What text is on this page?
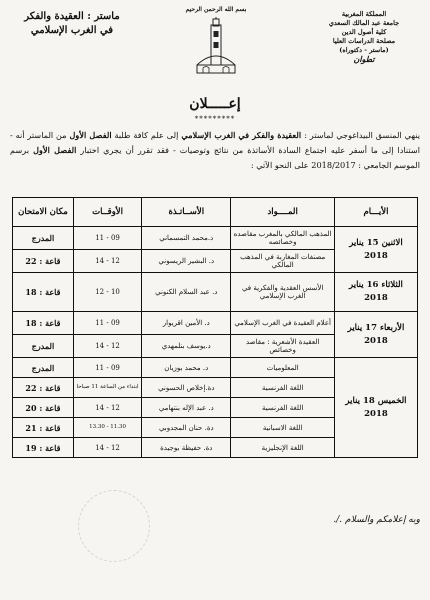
المملكة المغربية
جامعة عبد المالك السعدي
كلية أصول الدين
مصلحة الدراسات العليا
(ماستر - دكتوراه)
تطوان
بسم الله الرحمن الرحيم
ماستر : العقيدة والفكر
في الغرب الإسلامي
إعـــــلان
*********
ينهي المنسق البيداغوجي لماستر : العقيدة والفكر في الغرب الإسلامي إلى علم كافة طلبة الفصل الأول من الماستر أنه - استنادا إلى ما أسفر عليه اجتماع السادة الأساتذة من نتائج وتوصيات - فقد تقرر أن يجري اختبار الفصل الأول برسم الموسم الجامعي : 2018/2017 على النحو الآتي :
الأيـــام	المــــواد	الأســاتـذة	الأوقــات	مكان الامتحان
الاثنين 15 يناير 2018	المذهب المالكي بالمغرب مقاصده وخصائصه	د.محمد التمسماني	09 - 11	المدرج
	مصنفات المغاربة في المذهب المالكي	د. البشير الريسوني	12 - 14	قاعة : 22
الثلاثاء 16 يناير 2018	الأسس العقدية والفكرية في الغرب الإسلامي	د. عبد السلام الكنوني	10 - 12	قاعة : 18
الأربعاء 17 يناير 2018	أعلام العقيدة في الغرب الإسلامي	د. الأمين اقريوار	09 - 11	قاعة : 18
	العقيدة الأشعرية : مقاصد وخصائص	د.يوسف بنلمهدي	12 - 14	المدرج
الخميس 18 يناير 2018	المعلوميات	د. محمد بوزيان	09 - 11	المدرج
	اللغة الفرنسية	دة.إخلاص الحسوني	ابتداء من الساعة 11 صباحا	قاعة : 22
	اللغة الفرنسية	د. عبد الإله بنتهامي	12 - 14	قاعة : 20
	اللغة الاسبانية	دة. حنان المجدوبي	11.30 - 13.30	قاعة : 21
	اللغة الإنجليزية	دة. حفيظة بوجيدة	12 - 14	قاعة : 19
وبه إعلامكم والسلام ./.
